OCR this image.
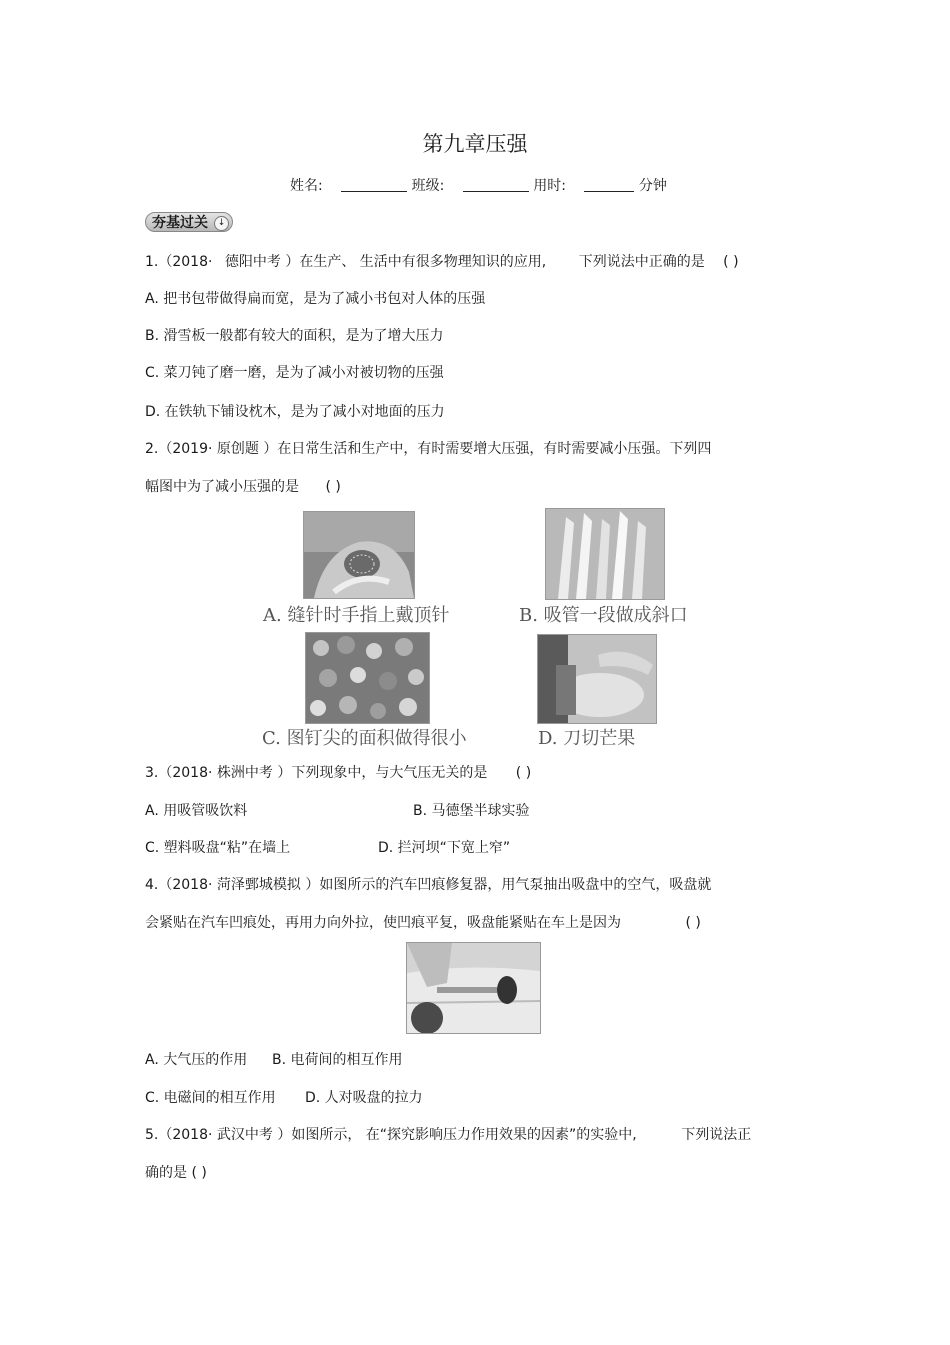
第九章压强
姓名:	班级:	用时:	分钟
夯基过关	↓
1.（2018· 德阳中考 ）在生产、 生活中有很多物理知识的应用, 下列说法中正确的是 ( )
A. 把书包带做得扁而宽，是为了减小书包对人体的压强
B. 滑雪板一般都有较大的面积，是为了增大压力
C. 菜刀钝了磨一磨，是为了减小对被切物的压强
D. 在铁轨下铺设枕木，是为了减小对地面的压力
2.（2019· 原创题 ）在日常生活和生产中，有时需要增大压强，有时需要减小压强。下列四
幅图中为了减小压强的是 ( )
A. 缝针时手指上戴顶针	B. 吸管一段做成斜口
C. 图钉尖的面积做得很小	D. 刀切芒果
3.（2018· 株洲中考 ）下列现象中，与大气压无关的是 ( )
A. 用吸管吸饮料	B. 马德堡半球实验
C. 塑料吸盘“粘”在墙上	D. 拦河坝“下宽上窄”
4.（2018· 菏泽鄄城模拟 ）如图所示的汽车凹痕修复器，用气泵抽出吸盘中的空气，吸盘就
会紧贴在汽车凹痕处，再用力向外拉，使凹痕平复，吸盘能紧贴在车上是因为	( )
A. 大气压的作用 B. 电荷间的相互作用
C. 电磁间的相互作用 D. 人对吸盘的拉力
5.（2018· 武汉中考 ）如图所示， 在“探究影响压力作用效果的因素”的实验中,	下列说法正
确的是 ( )
